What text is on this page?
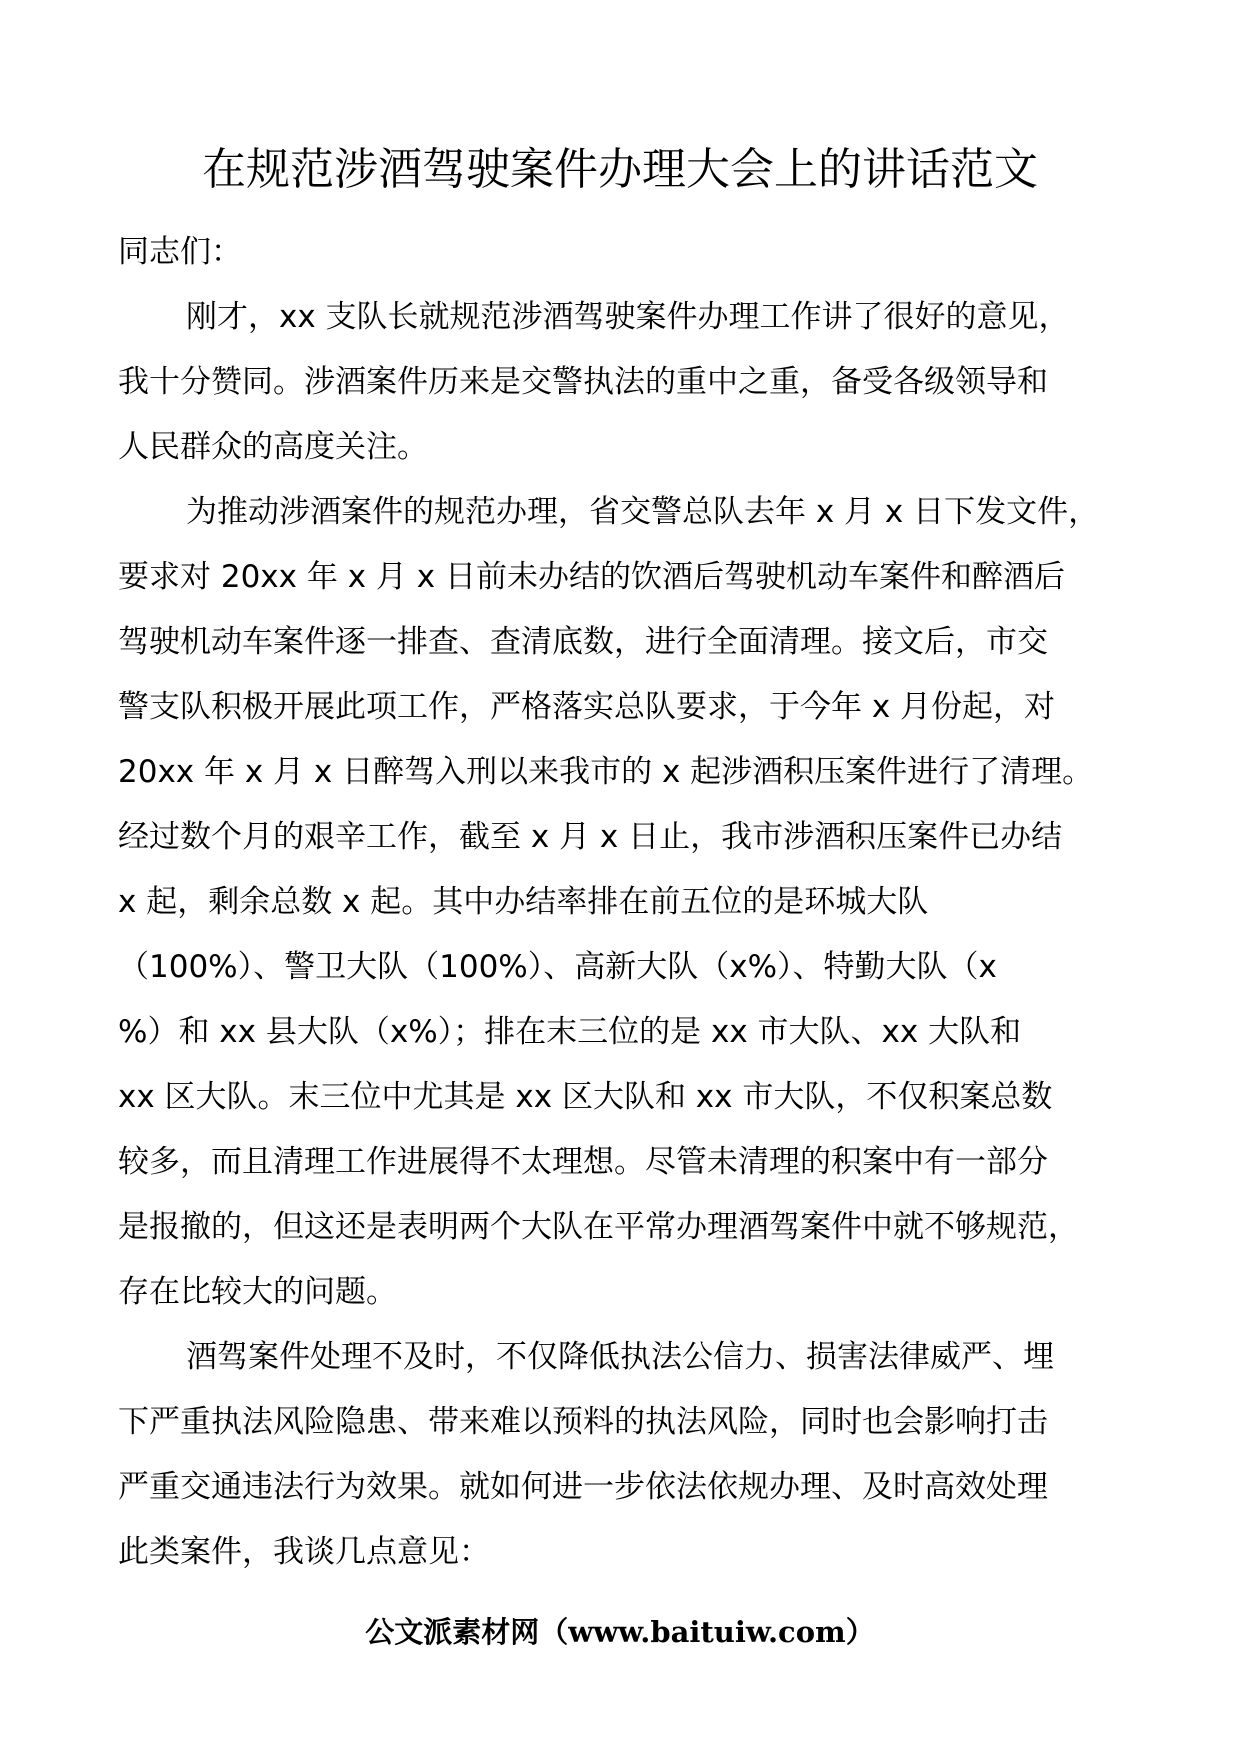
在规范涉酒驾驶案件办理大会上的讲话范文
同志们：
刚才，xx 支队长就规范涉酒驾驶案件办理工作讲了很好的意见，
我十分赞同。涉酒案件历来是交警执法的重中之重，备受各级领导和
人民群众的高度关注。
为推动涉酒案件的规范办理，省交警总队去年 x 月 x 日下发文件，
要求对 20xx 年 x 月 x 日前未办结的饮酒后驾驶机动车案件和醉酒后
驾驶机动车案件逐一排查、查清底数，进行全面清理。接文后，市交
警支队积极开展此项工作，严格落实总队要求，于今年 x 月份起，对
20xx 年 x 月 x 日醉驾入刑以来我市的 x 起涉酒积压案件进行了清理。
经过数个月的艰辛工作，截至 x 月 x 日止，我市涉酒积压案件已办结
x 起，剩余总数 x 起。其中办结率排在前五位的是环城大队
（100%）、警卫大队（100%）、高新大队（x%）、特勤大队（x
%）和 xx 县大队（x%）；排在末三位的是 xx 市大队、xx 大队和
xx 区大队。末三位中尤其是 xx 区大队和 xx 市大队，不仅积案总数
较多，而且清理工作进展得不太理想。尽管未清理的积案中有一部分
是报撤的，但这还是表明两个大队在平常办理酒驾案件中就不够规范，
存在比较大的问题。
酒驾案件处理不及时，不仅降低执法公信力、损害法律威严、埋
下严重执法风险隐患、带来难以预料的执法风险，同时也会影响打击
严重交通违法行为效果。就如何进一步依法依规办理、及时高效处理
此类案件，我谈几点意见：
公文派素材网（www.baituiw.com）
